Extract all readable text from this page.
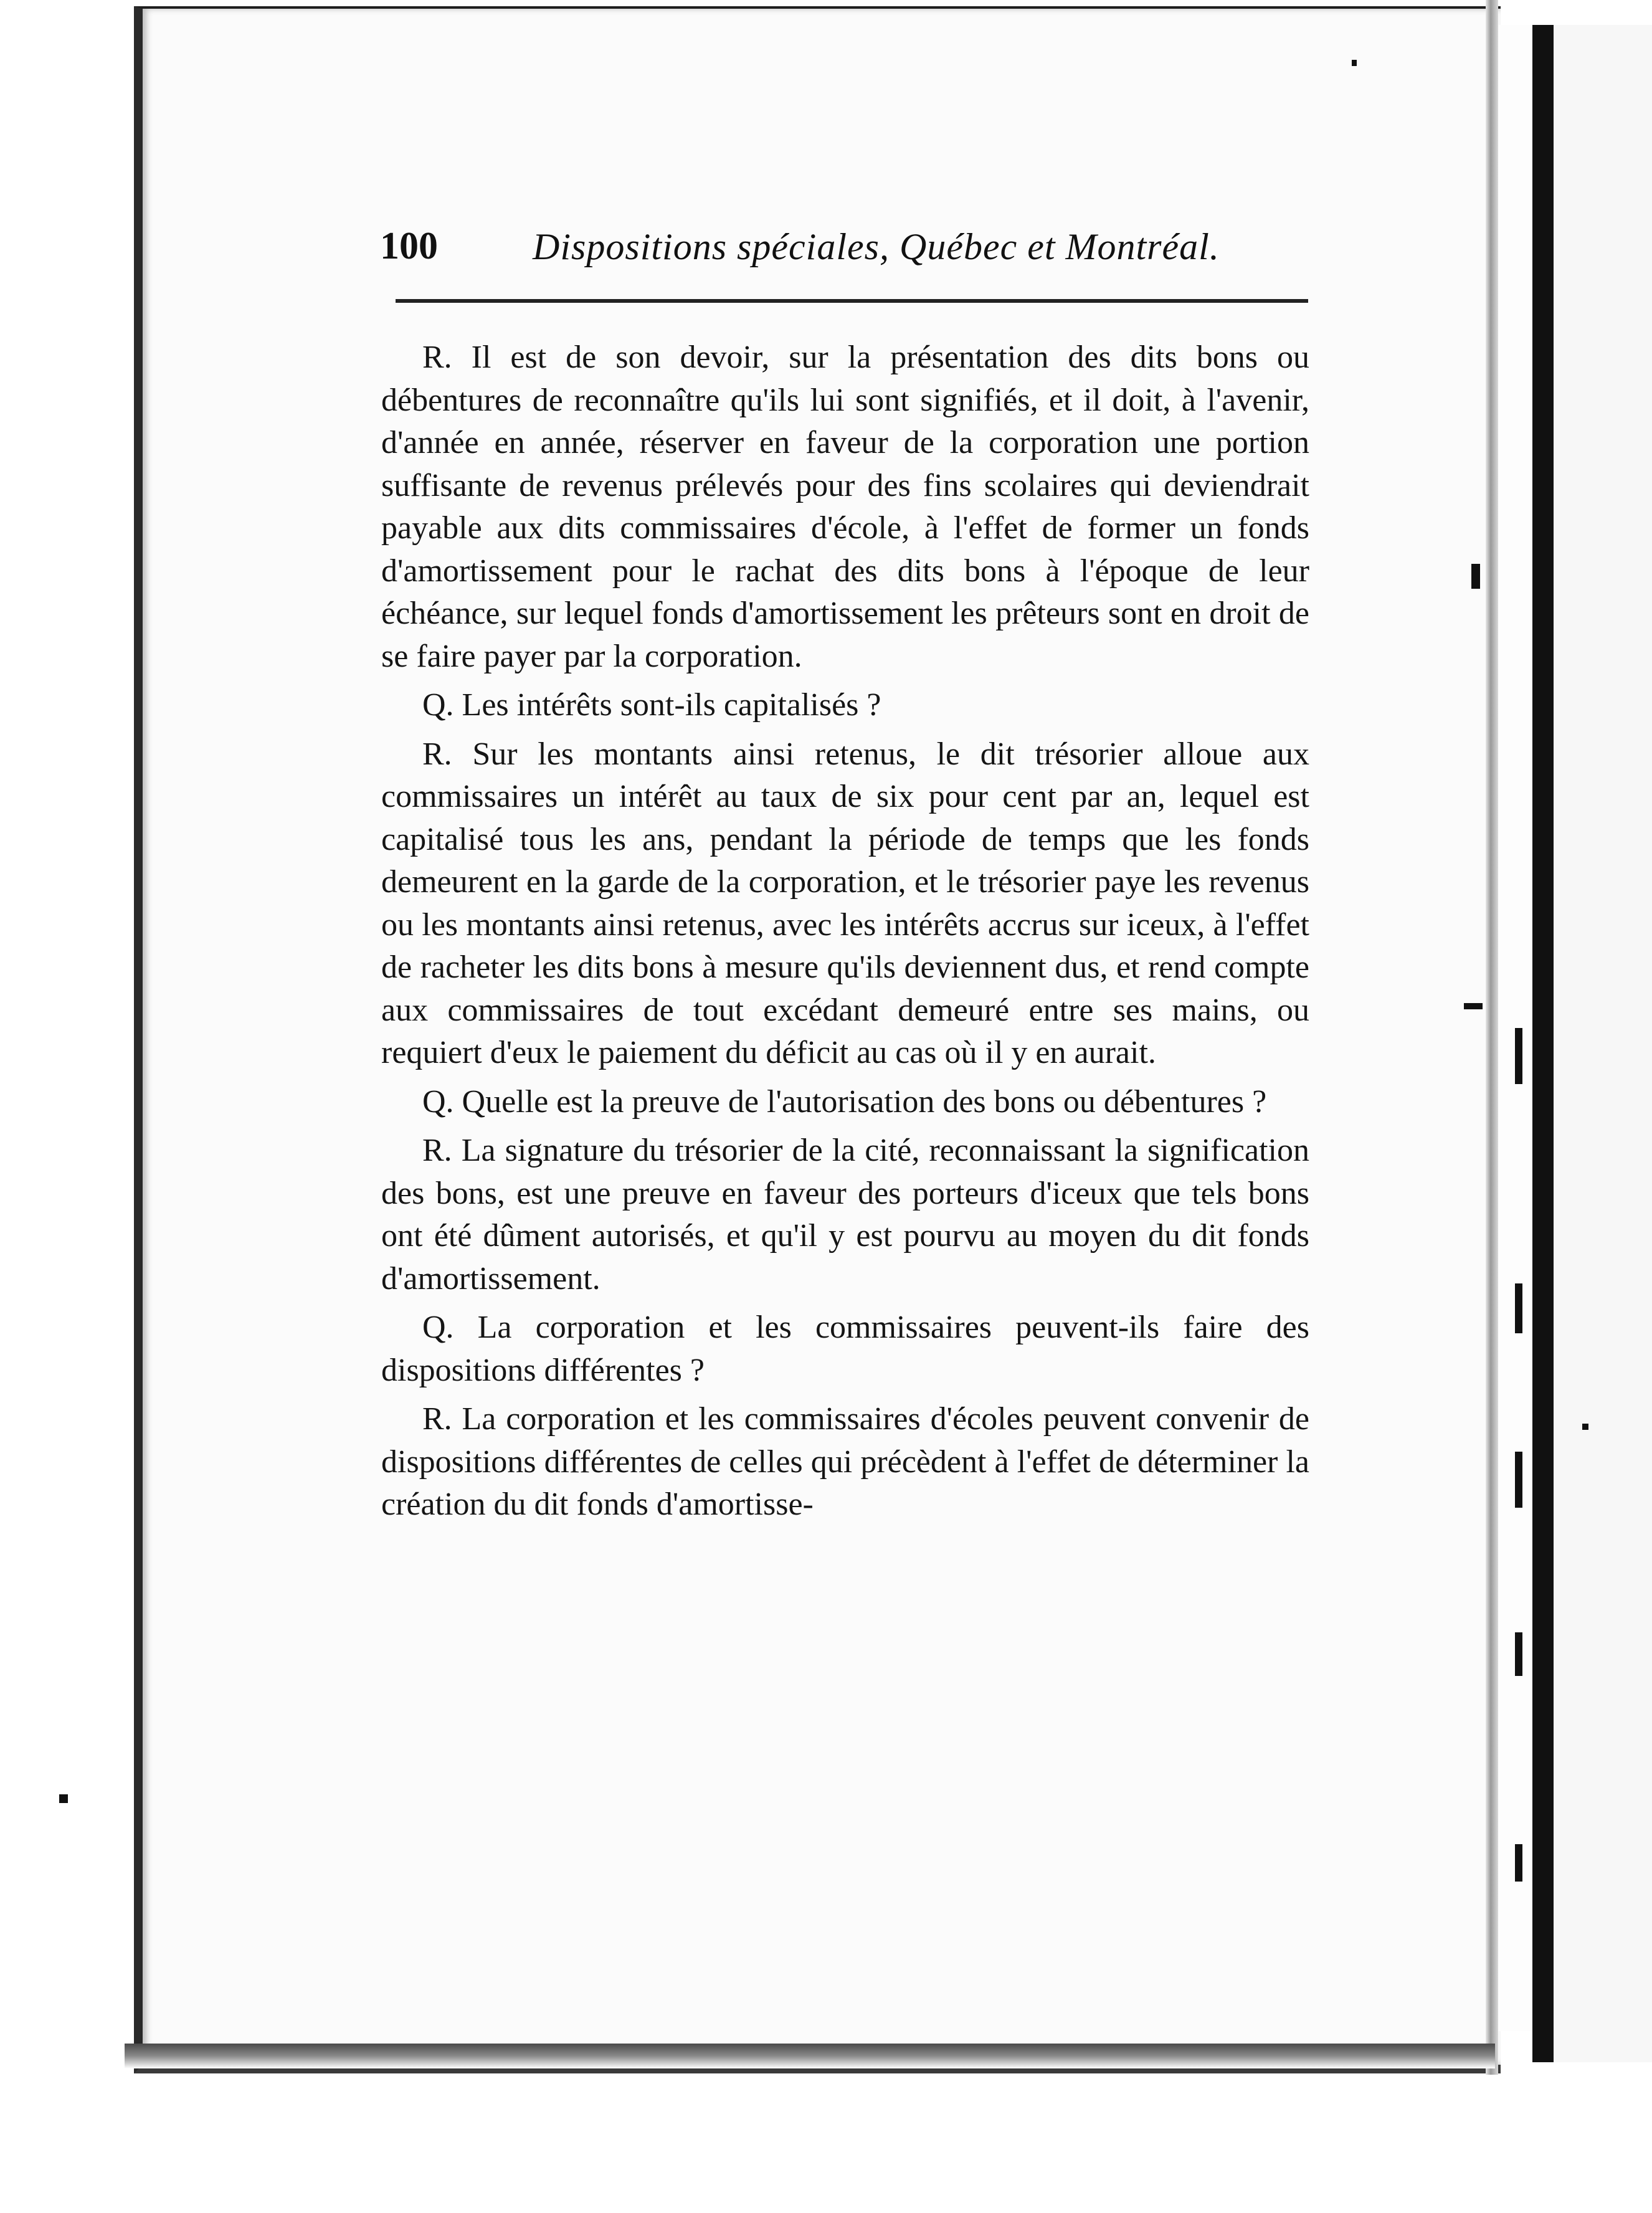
100	Dispositions spéciales, Québec et Montréal.

R. Il est de son devoir, sur la présentation des dits bons ou débentures de reconnaître qu'ils lui sont signifiés, et il doit, à l'avenir, d'année en année, réserver en faveur de la corporation une portion suffisante de revenus prélevés pour des fins scolaires qui deviendrait payable aux dits commissaires d'école, à l'effet de former un fonds d'amortissement pour le rachat des dits bons à l'époque de leur échéance, sur lequel fonds d'amortissement les prêteurs sont en droit de se faire payer par la corporation.

Q. Les intérêts sont-ils capitalisés ?

R. Sur les montants ainsi retenus, le dit trésorier alloue aux commissaires un intérêt au taux de six pour cent par an, lequel est capitalisé tous les ans, pendant la période de temps que les fonds demeurent en la garde de la corporation, et le trésorier paye les revenus ou les montants ainsi retenus, avec les intérêts accrus sur iceux, à l'effet de racheter les dits bons à mesure qu'ils deviennent dus, et rend compte aux commissaires de tout excédant demeuré entre ses mains, ou requiert d'eux le paiement du déficit au cas où il y en aurait.

Q. Quelle est la preuve de l'autorisation des bons ou débentures ?

R. La signature du trésorier de la cité, reconnaissant la signification des bons, est une preuve en faveur des porteurs d'iceux que tels bons ont été dûment autorisés, et qu'il y est pourvu au moyen du dit fonds d'amortissement.

Q. La corporation et les commissaires peuvent-ils faire des dispositions différentes ?

R. La corporation et les commissaires d'écoles peuvent convenir de dispositions différentes de celles qui précèdent à l'effet de déterminer la création du dit fonds d'amortisse-
